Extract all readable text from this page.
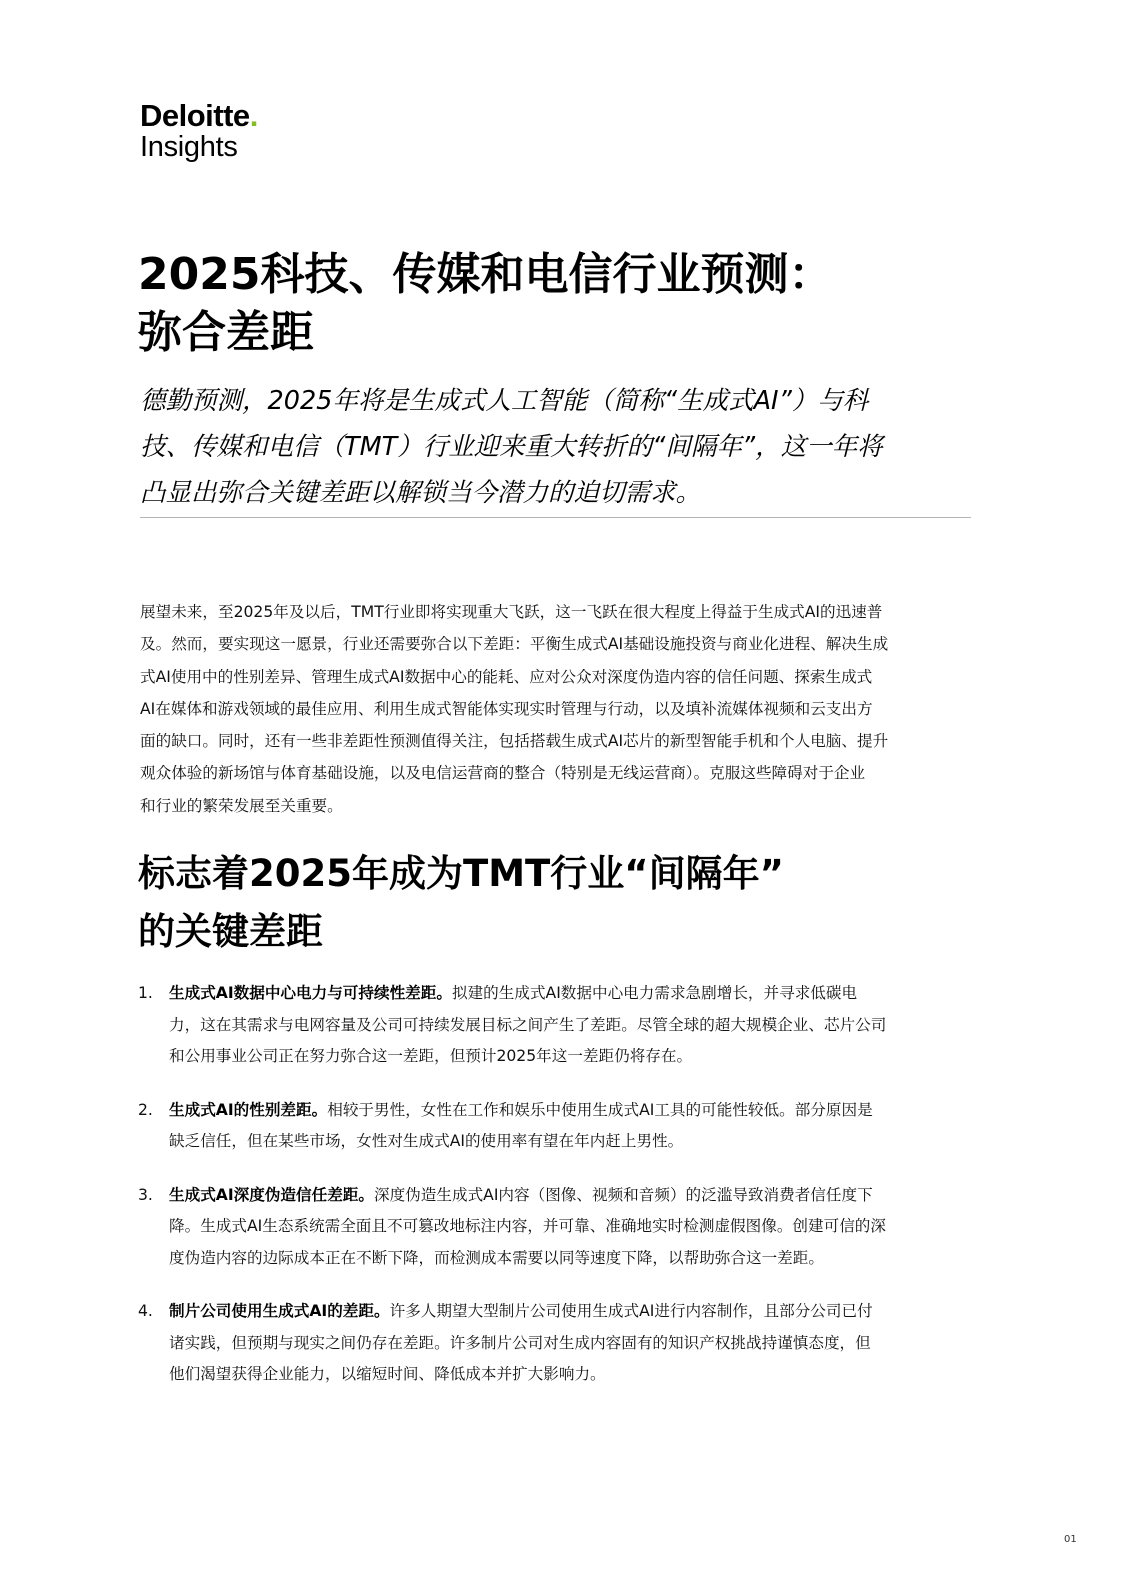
Deloitte.
Insights
2025科技、传媒和电信行业预测：
弥合差距

德勤预测，2025年将是生成式人工智能（简称“生成式AI”）与科
技、传媒和电信（TMT）行业迎来重大转折的“间隔年”，这一年将
凸显出弥合关键差距以解锁当今潜力的迫切需求。

展望未来，至2025年及以后，TMT行业即将实现重大飞跃，这一飞跃在很大程度上得益于生成式AI的迅速普
及。然而，要实现这一愿景，行业还需要弥合以下差距：平衡生成式AI基础设施投资与商业化进程、解决生成
式AI使用中的性别差异、管理生成式AI数据中心的能耗、应对公众对深度伪造内容的信任问题、探索生成式
AI在媒体和游戏领域的最佳应用、利用生成式智能体实现实时管理与行动，以及填补流媒体视频和云支出方
面的缺口。同时，还有一些非差距性预测值得关注，包括搭载生成式AI芯片的新型智能手机和个人电脑、提升
观众体验的新场馆与体育基础设施，以及电信运营商的整合（特别是无线运营商）。克服这些障碍对于企业
和行业的繁荣发展至关重要。

标志着2025年成为TMT行业“间隔年”
的关键差距
1. 生成式AI数据中心电力与可持续性差距。拟建的生成式AI数据中心电力需求急剧增长，并寻求低碳电
力，这在其需求与电网容量及公司可持续发展目标之间产生了差距。尽管全球的超大规模企业、芯片公司
和公用事业公司正在努力弥合这一差距，但预计2025年这一差距仍将存在。
2. 生成式AI的性别差距。相较于男性，女性在工作和娱乐中使用生成式AI工具的可能性较低。部分原因是
缺乏信任，但在某些市场，女性对生成式AI的使用率有望在年内赶上男性。
3. 生成式AI深度伪造信任差距。深度伪造生成式AI内容（图像、视频和音频）的泛滥导致消费者信任度下
降。生成式AI生态系统需全面且不可篡改地标注内容，并可靠、准确地实时检测虚假图像。创建可信的深
度伪造内容的边际成本正在不断下降，而检测成本需要以同等速度下降，以帮助弥合这一差距。
4. 制片公司使用生成式AI的差距。许多人期望大型制片公司使用生成式AI进行内容制作，且部分公司已付
诸实践，但预期与现实之间仍存在差距。许多制片公司对生成内容固有的知识产权挑战持谨慎态度，但
他们渴望获得企业能力，以缩短时间、降低成本并扩大影响力。
01
